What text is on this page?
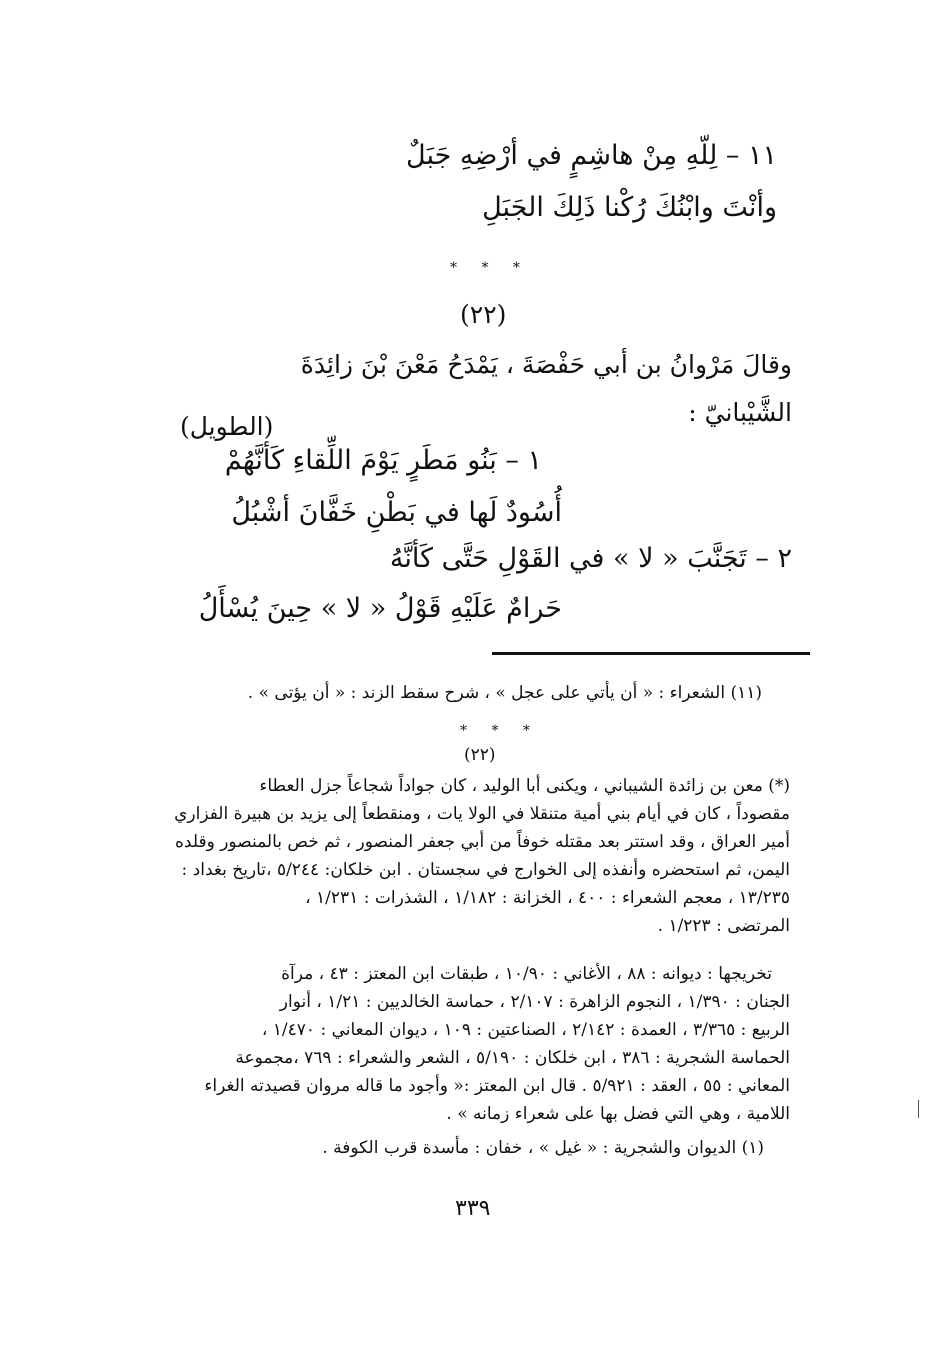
١١ – لِلّهِ مِنْ هاشِمٍ في أرْضِهِ جَبَلٌ
وأنْتَ وابْنُكَ رُكْنا ذَلِكَ الجَبَلِ
* * *
(٢٢)
وقالَ مَرْوانُ بن أبي حَفْصَةَ ، يَمْدَحُ مَعْنَ بْنَ زائِدَةَ
الشَّيْبانيّ :
(الطويل)
١ – بَنُو مَطَرٍ يَوْمَ اللِّقاءِ كَأنَّهُمْ
أُسُودٌ لَها في بَطْنِ خَفَّانَ أشْبُلُ
٢ – تَجَنَّبَ « لا » في القَوْلِ حَتَّى كَأنَّهُ
حَرامٌ عَلَيْهِ قَوْلُ « لا » حِينَ يُسْأَلُ
(١١) الشعراء : « أن يأتي على عجل » ، شرح سقط الزند : « أن يؤتى » .
* * *
(٢٢)
(*) معن بن زائدة الشيباني ، ويكنى أبا الوليد ، كان جواداً شجاعاً جزل العطاء
مقصوداً ، كان في أيام بني أمية متنقلا في الولا يات ، ومنقطعاً إلى يزيد بن هبيرة الفزاري
أمير العراق ، وقد استتر بعد مقتله خوفاً من أبي جعفر المنصور ، ثم خص بالمنصور وقلده
اليمن، ثم استحضره وأنفذه إلى الخوارج في سجستان . ابن خلكان: ٥/٢٤٤ ،تاريخ بغداد :
١٣/٢٣٥ ، معجم الشعراء : ٤٠٠ ، الخزانة : ١/١٨٢ ، الشذرات : ١/٢٣١ ،
المرتضى : ١/٢٢٣ .
تخريجها : ديوانه : ٨٨ ، الأغاني : ١٠/٩٠ ، طبقات ابن المعتز : ٤٣ ، مرآة
الجنان : ١/٣٩٠ ، النجوم الزاهرة : ٢/١٠٧ ، حماسة الخالديين : ١/٢١ ، أنوار
الربيع : ٣/٣٦٥ ، العمدة : ٢/١٤٢ ، الصناعتين : ١٠٩ ، ديوان المعاني : ١/٤٧٠ ،
الحماسة الشجرية : ٣٨٦ ، ابن خلكان : ٥/١٩٠ ، الشعر والشعراء : ٧٦٩ ،مجموعة
المعاني : ٥٥ ، العقد : ٥/٩٢١ . قال ابن المعتز :« وأجود ما قاله مروان قصيدته الغراء
اللامية ، وهي التي فضل بها على شعراء زمانه » .
(١) الديوان والشجرية : « غيل » ، خفان : مأسدة قرب الكوفة .
٣٣٩
